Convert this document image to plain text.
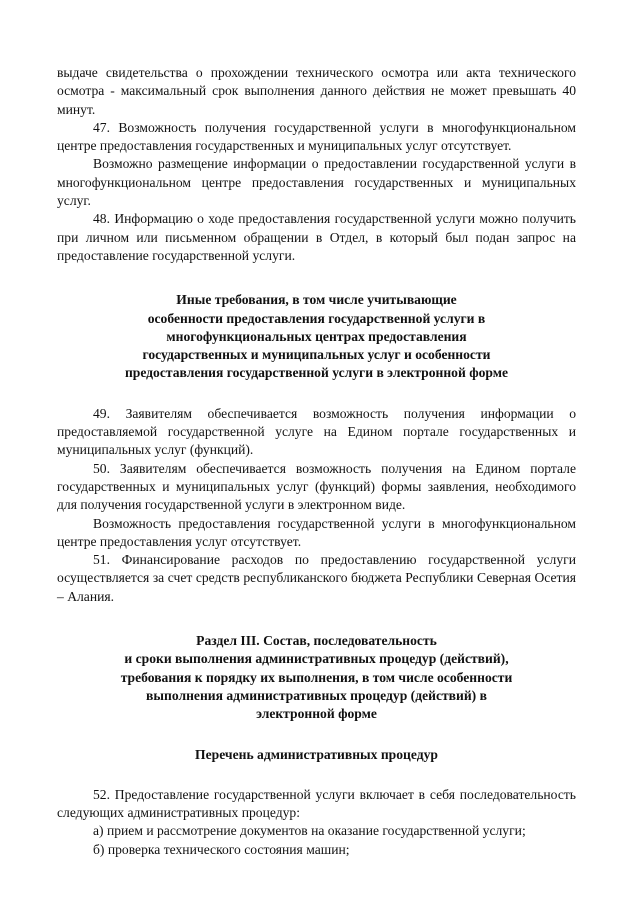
выдаче свидетельства о прохождении технического осмотра или акта технического осмотра - максимальный срок выполнения данного действия не может превышать 40 минут.

47. Возможность получения государственной услуги в многофункциональном центре предоставления государственных и муниципальных услуг отсутствует.

Возможно размещение информации о предоставлении государственной услуги в многофункциональном центре предоставления государственных и муниципальных услуг.

48. Информацию о ходе предоставления государственной услуги можно получить при личном или письменном обращении в Отдел, в который был подан запрос на предоставление государственной услуги.

Иные требования, в том числе учитывающие

особенности предоставления государственной услуги в

многофункциональных центрах предоставления

государственных и муниципальных услуг и особенности

предоставления государственной услуги в электронной форме

49. Заявителям обеспечивается возможность получения информации о предоставляемой государственной услуге на Едином портале государственных и муниципальных услуг (функций).

50. Заявителям обеспечивается возможность получения на Едином портале государственных и муниципальных услуг (функций) формы заявления, необходимого для получения государственной услуги в электронном виде.

Возможность предоставления государственной услуги в многофункциональном центре предоставления услуг отсутствует.

51. Финансирование расходов по предоставлению государственной услуги осуществляется за счет средств республиканского бюджета Республики Северная Осетия – Алания.

Раздел III. Состав, последовательность

и сроки выполнения административных процедур (действий),

требования к порядку их выполнения, в том числе особенности

выполнения административных процедур (действий) в

электронной форме

Перечень административных процедур

52. Предоставление государственной услуги включает в себя последовательность следующих административных процедур:

а) прием и рассмотрение документов на оказание государственной услуги;

б) проверка технического состояния машин;
